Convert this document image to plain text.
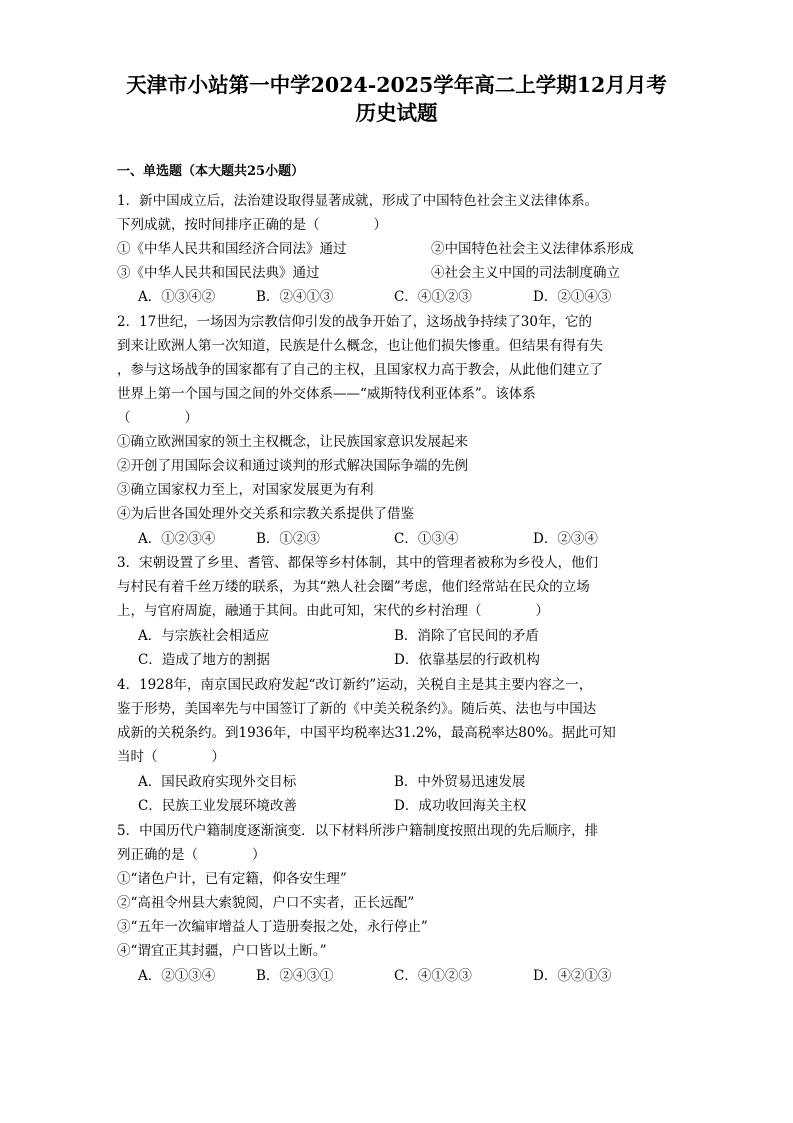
天津市小站第一中学2024-2025学年高二上学期12月月考
历史试题
一、单选题（本大题共25小题）
1．新中国成立后，法治建设取得显著成就，形成了中国特色社会主义法律体系。
下列成就，按时间排序正确的是（　　　　）
①《中华人民共和国经济合同法》通过	②中国特色社会主义法律体系形成
③《中华人民共和国民法典》通过	④社会主义中国的司法制度确立
A．①③④②	B．②④①③	C．④①②③	D．②①④③
2．17世纪，一场因为宗教信仰引发的战争开始了，这场战争持续了30年，它的
到来让欧洲人第一次知道，民族是什么概念，也让他们损失惨重。但结果有得有失
，参与这场战争的国家都有了自己的主权，且国家权力高于教会，从此他们建立了
世界上第一个国与国之间的外交体系——“威斯特伐利亚体系”。该体系
（　　　　）
①确立欧洲国家的领土主权概念，让民族国家意识发展起来
②开创了用国际会议和通过谈判的形式解决国际争端的先例
③确立国家权力至上，对国家发展更为有利
④为后世各国处理外交关系和宗教关系提供了借鉴
A．①②③④	B．①②③	C．①③④	D．②③④
3．宋朝设置了乡里、耆管、都保等乡村体制，其中的管理者被称为乡役人，他们
与村民有着千丝万缕的联系，为其“熟人社会圈”考虑，他们经常站在民众的立场
上，与官府周旋，融通于其间。由此可知，宋代的乡村治理（　　　　）
A．与宗族社会相适应	B．消除了官民间的矛盾
C．造成了地方的割据	D．依靠基层的行政机构
4．1928年，南京国民政府发起“改订新约”运动，关税自主是其主要内容之一，
鉴于形势，美国率先与中国签订了新的《中美关税条约》。随后英、法也与中国达
成新的关税条约。到1936年，中国平均税率达31.2%，最高税率达80%。据此可知
当时（　　　　）
A．国民政府实现外交目标	B．中外贸易迅速发展
C．民族工业发展环境改善	D．成功收回海关主权
5．中国历代户籍制度逐渐演变．以下材料所涉户籍制度按照出现的先后顺序，排
列正确的是（　　　　）
①“诸色户计，已有定籍，仰各安生理”
②“高祖令州县大索貌阅，户口不实者，正长远配”
③“五年一次编审增益人丁造册奏报之处，永行停止”
④“谓宜正其封疆，户口皆以土断。”
A．②①③④	B．②④③①	C．④①②③	D．④②①③
